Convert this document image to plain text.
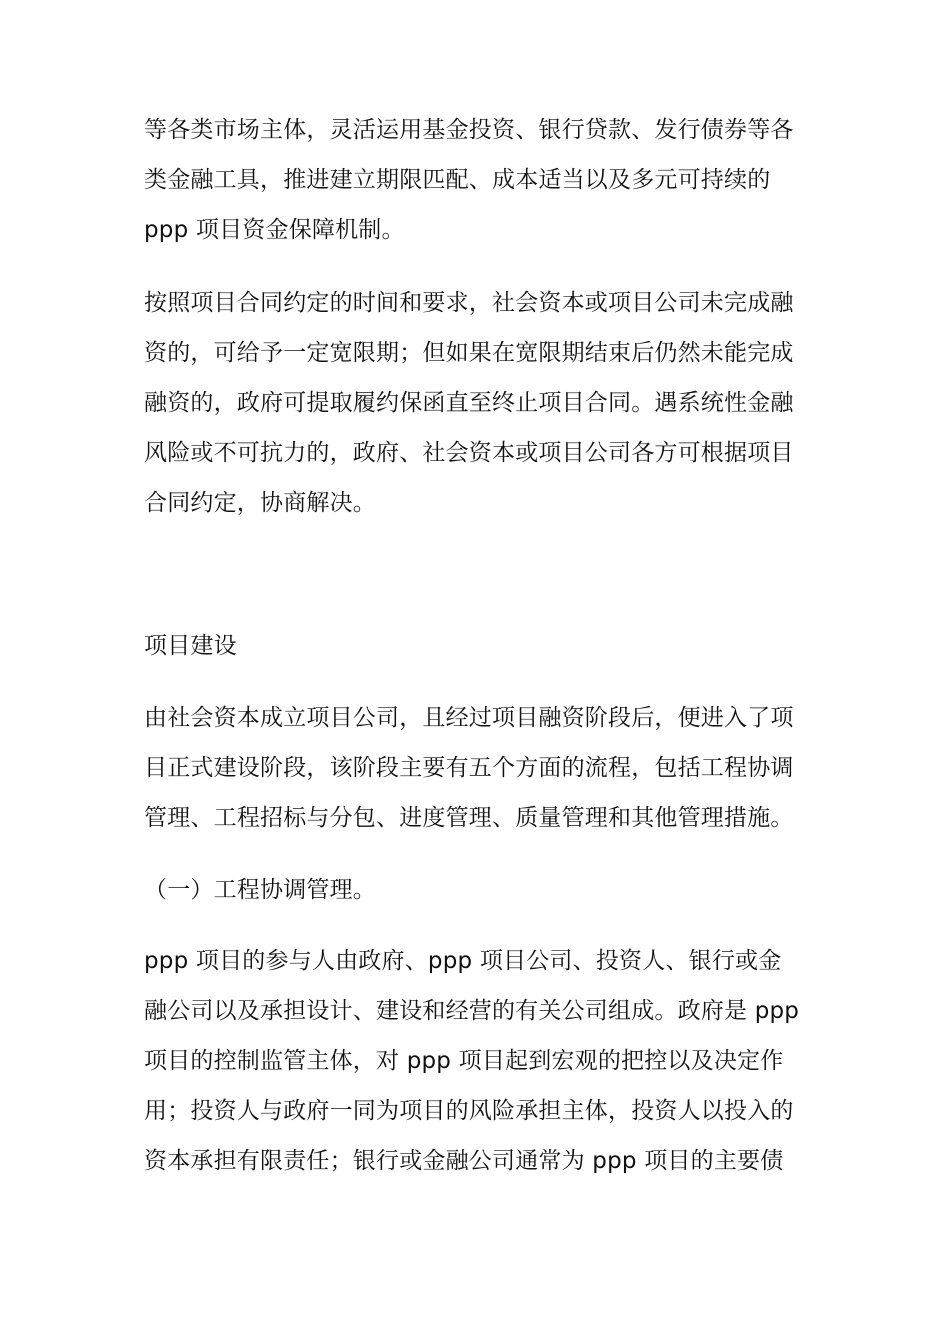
等各类市场主体，灵活运用基金投资、银行贷款、发行债券等各
类金融工具，推进建立期限匹配、成本适当以及多元可持续的
ppp 项目资金保障机制。
按照项目合同约定的时间和要求，社会资本或项目公司未完成融
资的，可给予一定宽限期；但如果在宽限期结束后仍然未能完成
融资的，政府可提取履约保函直至终止项目合同。遇系统性金融
风险或不可抗力的，政府、社会资本或项目公司各方可根据项目
合同约定，协商解决。
项目建设
由社会资本成立项目公司，且经过项目融资阶段后，便进入了项
目正式建设阶段，该阶段主要有五个方面的流程，包括工程协调
管理、工程招标与分包、进度管理、质量管理和其他管理措施。
（一）工程协调管理。
ppp 项目的参与人由政府、ppp 项目公司、投资人、银行或金
融公司以及承担设计、建设和经营的有关公司组成。政府是 ppp
项目的控制监管主体，对 ppp 项目起到宏观的把控以及决定作
用；投资人与政府一同为项目的风险承担主体，投资人以投入的
资本承担有限责任；银行或金融公司通常为 ppp 项目的主要债
